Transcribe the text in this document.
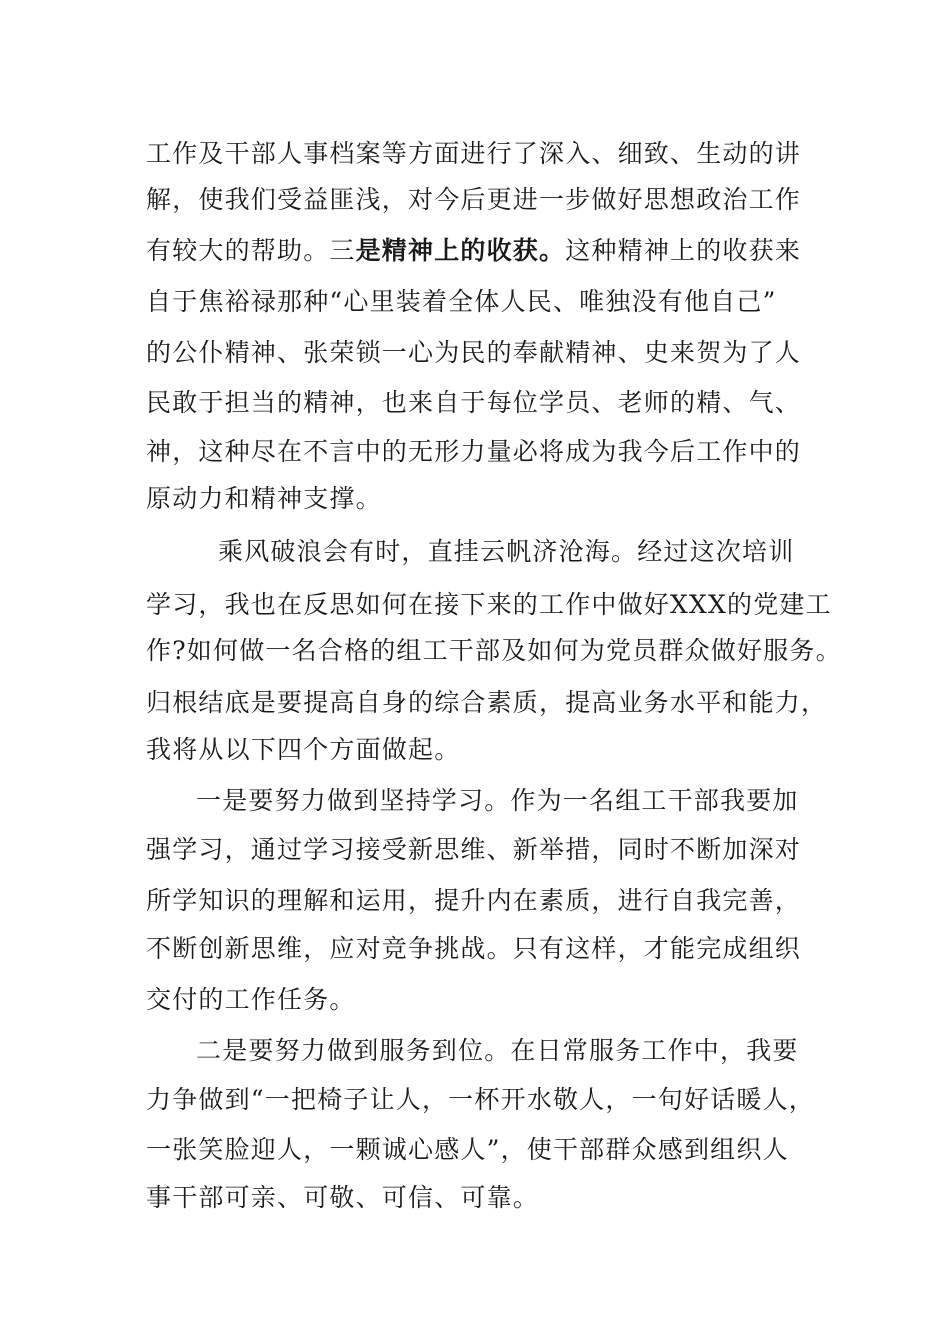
工作及干部人事档案等方面进行了深入、细致、生动的讲
解，使我们受益匪浅，对今后更进一步做好思想政治工作
有较大的帮助。三是精神上的收获。这种精神上的收获来
自于焦裕禄那种“心里装着全体人民、唯独没有他自己”
的公仆精神、张荣锁一心为民的奉献精神、史来贺为了人
民敢于担当的精神，也来自于每位学员、老师的精、气、
神，这种尽在不言中的无形力量必将成为我今后工作中的
原动力和精神支撑。
乘风破浪会有时，直挂云帆济沧海。经过这次培训
学习，我也在反思如何在接下来的工作中做好XXX的党建工
作?如何做一名合格的组工干部及如何为党员群众做好服务。
归根结底是要提高自身的综合素质，提高业务水平和能力，
我将从以下四个方面做起。
一是要努力做到坚持学习。作为一名组工干部我要加
强学习，通过学习接受新思维、新举措，同时不断加深对
所学知识的理解和运用，提升内在素质，进行自我完善，
不断创新思维，应对竞争挑战。只有这样，才能完成组织
交付的工作任务。
二是要努力做到服务到位。在日常服务工作中，我要
力争做到“一把椅子让人，一杯开水敬人，一句好话暖人，
一张笑脸迎人，一颗诚心感人”，使干部群众感到组织人
事干部可亲、可敬、可信、可靠。
